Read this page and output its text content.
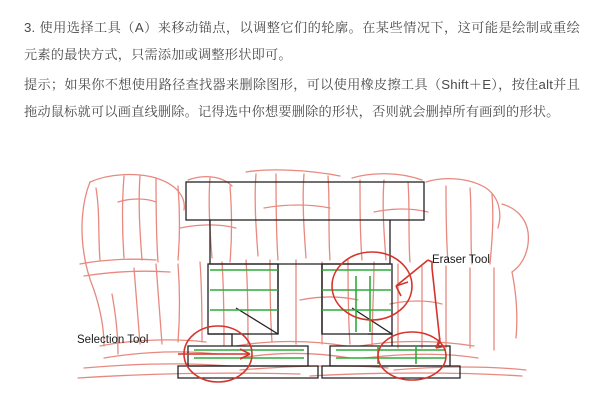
3. 使用选择工具（A）来移动锚点，以调整它们的轮廓。在某些情况下，这可能是绘制或重绘元素的最快方式，只需添加或调整形状即可。

提示；如果你不想使用路径查找器来删除图形，可以使用橡皮擦工具（Shift＋E），按住alt并且拖动鼠标就可以画直线删除。记得选中你想要删除的形状，否则就会删掉所有画到的形状。

Eraser Tool
Selection Tool
